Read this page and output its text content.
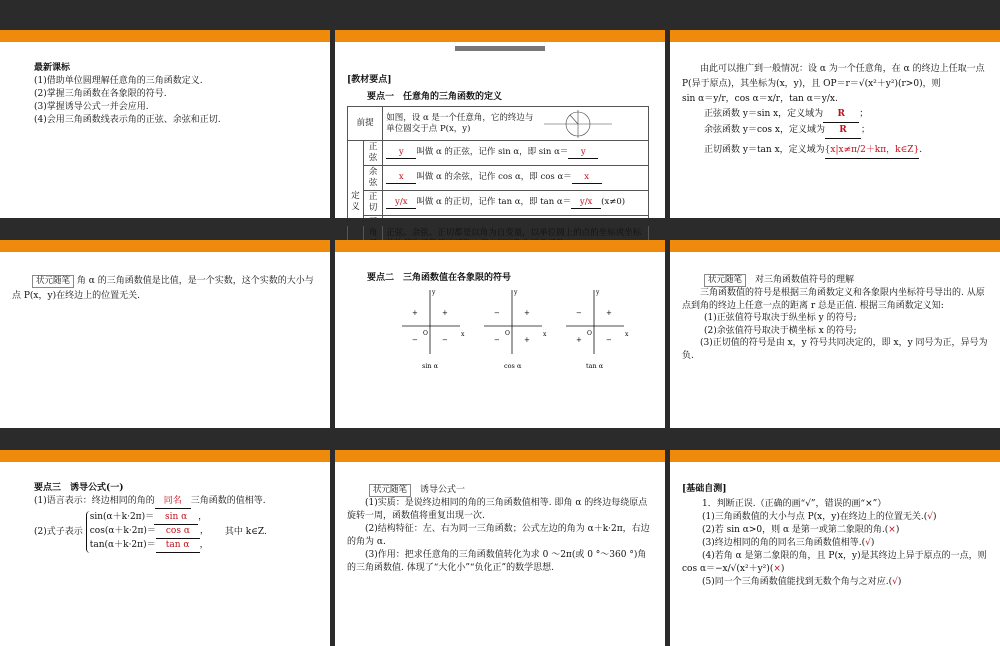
最新课标
(1)借助单位圆理解任意角的三角函数定义.
(2)掌握三角函数在各象限的符号.
(3)掌握诱导公式一并会应用.
(4)会用三角函数线表示角的正弦、余弦和正切.
[教材要点]
要点一　任意角的三角函数的定义
前提		如图，设 α 是一个任意角，它的终边与单位圆交于点 P(x，y)

定义	正弦	y 叫做 α 的正弦，记作 sin α，即 sin α＝ y
	余弦	x 叫做 α 的余弦，记作 cos α，即 cos α＝ x
	正切	y/x 叫做 α 的正切，记作 tan α，即 tan α＝ y/x (x≠0)
	角	正弦、余弦、正切都是以角为自变量，以单位圆上的点的坐标或坐标
由此可以推广到一般情况：设 α 为一个任意角，在 α 的终边上任取一点 P(异于原点)，其坐标为(x，y)，且 OP＝r＝√(x²＋y²)(r>0)，则
sin α＝y/r，cos α＝x/r，tan α＝y/x.
正弦函数 y＝sin x，定义域为 R ；
余弦函数 y＝cos x，定义域为 R ；
正切函数 y＝tan x，定义域为{x|x≠π/2＋kπ，k∈Z}.
状元随笔 角 α 的三角函数值是比值，是一个实数，这个实数的大小与点 P(x，y)在终边上的位置无关.
要点二　三角函数值在各象限的符号
x
y
O
+
+
−	−
sin α
x
y
O
+
−
−	+
cos α
x
y
O
+
−
+	−
tan α
状元随笔　 对三角函数值符号的理解
三角函数值的符号是根据三角函数定义和各象限内坐标符号导出的. 从原点到角的终边上任意一点的距离 r 总是正值. 根据三角函数定义知:
(1)正弦值符号取决于纵坐标 y 的符号;
(2)余弦值符号取决于横坐标 x 的符号;
(3)正切值的符号是由 x，y 符号共同决定的，即 x，y 同号为正，异号为负.
要点三　诱导公式(一)
(1)语言表示：终边相同的角的 同名 三角函数的值相等.
(2)式子表示
sin(α＋k·2π)＝ sin α ，
cos(α＋k·2π)＝ cos α ，
tan(α＋k·2π)＝ tan α ，
其中 k∈Z.
状元随笔　 诱导公式一
(1)实质：是说终边相同的角的三角函数值相等. 即角 α 的终边每绕原点旋转一周，函数值将重复出现一次.
(2)结构特征：左、右为同一三角函数；公式左边的角为 α＋k·2π，右边的角为 α.
(3)作用：把求任意角的三角函数值转化为求 0 ～2π(或 0 °～360 °)角的三角函数值. 体现了“大化小”“负化正”的数学思想.
[基础自测]
1．判断正误.（正确的画“√”，错误的画“×”）
(1)三角函数值的大小与点 P(x，y)在终边上的位置无关.(√)
(2)若 sin α>0，则 α 是第一或第二象限的角.(×)
(3)终边相同的角的同名三角函数值相等.(√)
(4)若角 α 是第二象限的角，且 P(x，y)是其终边上异于原点的一点，则 cos α＝−x/√(x²＋y²)(×)
(5)同一个三角函数值能找到无数个角与之对应.(√)
